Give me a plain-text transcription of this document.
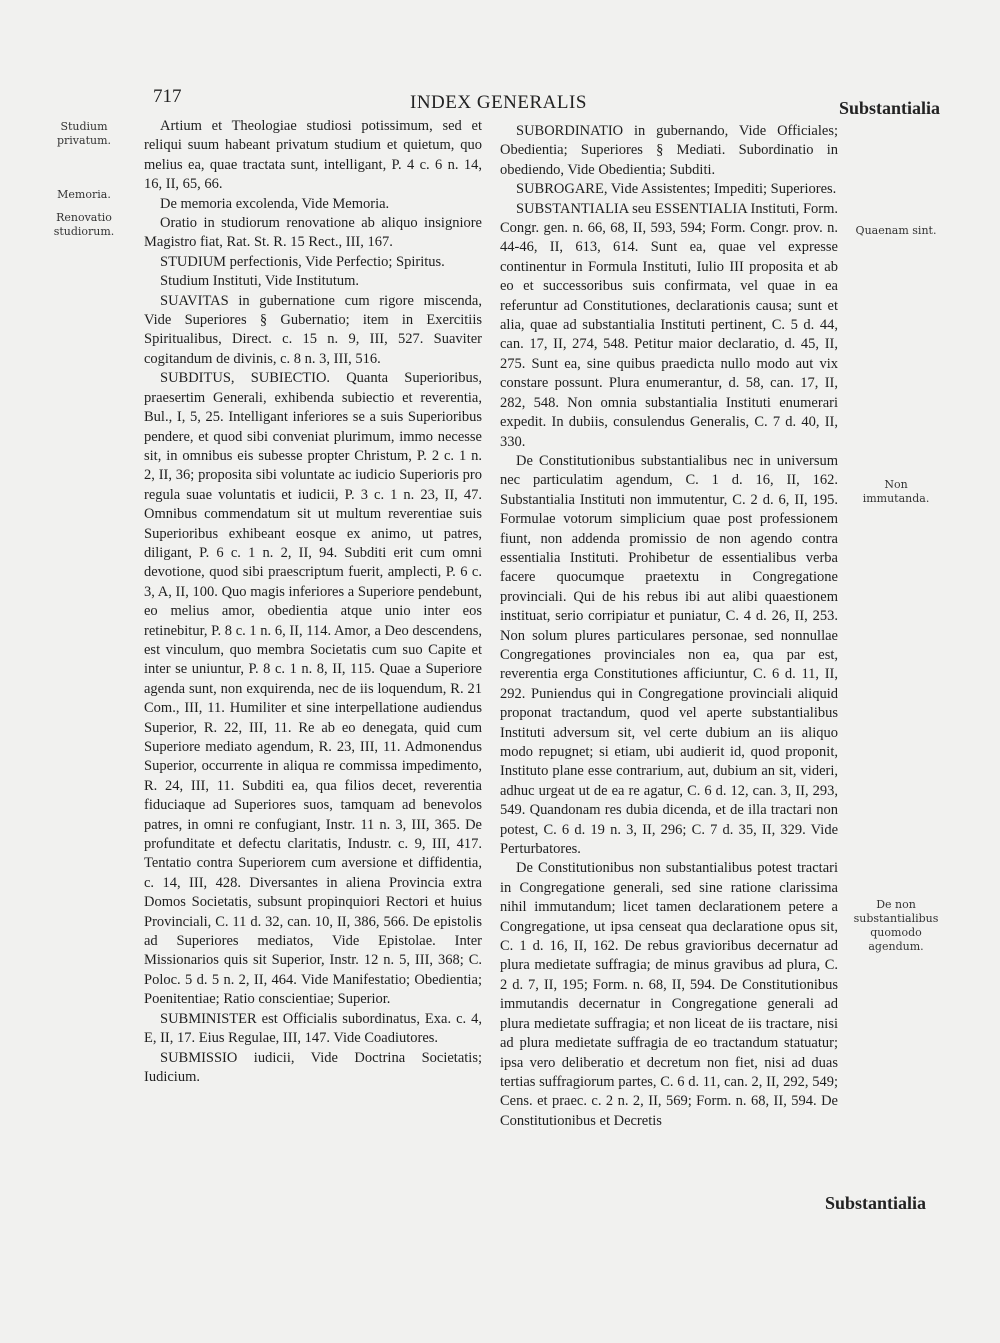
717	INDEX GENERALIS	Substantialia
Studium privatum.
Memoria.
Renovatio studiorum.	Quaenam sint.
Non immutanda.
De non substantialibus quomodo agendum.

Artium et Theologiae studiosi potissimum, sed et reliqui suum habeant privatum studium et quietum, quo melius ea, quae tractata sunt, intelligant, P. 4 c. 6 n. 14, 16, II, 65, 66.

De memoria excolenda, Vide Memoria.

Oratio in studiorum renovatione ab aliquo insigniore Magistro fiat, Rat. St. R. 15 Rect., III, 167.

STUDIUM perfectionis, Vide Perfectio; Spiritus.

Studium Instituti, Vide Institutum.

SUAVITAS in gubernatione cum rigore miscenda, Vide Superiores § Gubernatio; item in Exercitiis Spiritualibus, Direct. c. 15 n. 9, III, 527. Suaviter cogitandum de divinis, c. 8 n. 3, III, 516.

SUBDITUS, SUBIECTIO. Quanta Superioribus, praesertim Generali, exhibenda subiectio et reverentia, Bul., I, 5, 25. Intelligant inferiores se a suis Superioribus pendere, et quod sibi conveniat plurimum, immo necesse sit, in omnibus eis subesse propter Christum, P. 2 c. 1 n. 2, II, 36; proposita sibi voluntate ac iudicio Superioris pro regula suae voluntatis et iudicii, P. 3 c. 1 n. 23, II, 47. Omnibus commendatum sit ut multum reverentiae suis Superioribus exhibeant eosque ex animo, ut patres, diligant, P. 6 c. 1 n. 2, II, 94. Subditi erit cum omni devotione, quod sibi praescriptum fuerit, amplecti, P. 6 c. 3, A, II, 100. Quo magis inferiores a Superiore pendebunt, eo melius amor, obedientia atque unio inter eos retinebitur, P. 8 c. 1 n. 6, II, 114. Amor, a Deo descendens, est vinculum, quo membra Societatis cum suo Capite et inter se uniuntur, P. 8 c. 1 n. 8, II, 115. Quae a Superiore agenda sunt, non exquirenda, nec de iis loquendum, R. 21 Com., III, 11. Humiliter et sine interpellatione audiendus Superior, R. 22, III, 11. Re ab eo denegata, quid cum Superiore mediato agendum, R. 23, III, 11. Admonendus Superior, occurrente in aliqua re commissa impedimento, R. 24, III, 11. Subditi ea, qua filios decet, reverentia fiduciaque ad Superiores suos, tamquam ad benevolos patres, in omni re confugiant, Instr. 11 n. 3, III, 365. De profunditate et defectu claritatis, Industr. c. 9, III, 417. Tentatio contra Superiorem cum aversione et diffidentia, c. 14, III, 428. Diversantes in aliena Provincia extra Domos Societatis, subsunt propinquiori Rectori et huius Provinciali, C. 11 d. 32, can. 10, II, 386, 566. De epistolis ad Superiores mediatos, Vide Epistolae. Inter Missionarios quis sit Superior, Instr. 12 n. 5, III, 368; C. Poloc. 5 d. 5 n. 2, II, 464. Vide Manifestatio; Obedientia; Poenitentiae; Ratio conscientiae; Superior.

SUBMINISTER est Officialis subordinatus, Exa. c. 4, E, II, 17. Eius Regulae, III, 147. Vide Coadiutores.

SUBMISSIO iudicii, Vide Doctrina Societatis; Iudicium.

SUBORDINATIO in gubernando, Vide Officiales; Obedientia; Superiores § Mediati. Subordinatio in obediendo, Vide Obedientia; Subditi.

SUBROGARE, Vide Assistentes; Impediti; Superiores.

SUBSTANTIALIA seu ESSENTIALIA Instituti, Form. Congr. gen. n. 66, 68, II, 593, 594; Form. Congr. prov. n. 44-46, II, 613, 614. Sunt ea, quae vel expresse continentur in Formula Instituti, Iulio III proposita et ab eo et successoribus suis confirmata, vel quae in ea referuntur ad Constitutiones, declarationis causa; sunt et alia, quae ad substantialia Instituti pertinent, C. 5 d. 44, can. 17, II, 274, 548. Petitur maior declaratio, d. 45, II, 275. Sunt ea, sine quibus praedicta nullo modo aut vix constare possunt. Plura enumerantur, d. 58, can. 17, II, 282, 548. Non omnia substantialia Instituti enumerari expedit. In dubiis, consulendus Generalis, C. 7 d. 40, II, 330.

De Constitutionibus substantialibus nec in universum nec particulatim agendum, C. 1 d. 16, II, 162. Substantialia Instituti non immutentur, C. 2 d. 6, II, 195. Formulae votorum simplicium quae post professionem fiunt, non addenda promissio de non agendo contra essentialia Instituti. Prohibetur de essentialibus verba facere quocumque praetextu in Congregatione provinciali. Qui de his rebus ibi aut alibi quaestionem instituat, serio corripiatur et puniatur, C. 4 d. 26, II, 253. Non solum plures particulares personae, sed nonnullae Congregationes provinciales non ea, qua par est, reverentia erga Constitutiones afficiuntur, C. 6 d. 11, II, 292. Puniendus qui in Congregatione provinciali aliquid proponat tractandum, quod vel aperte substantialibus Instituti adversum sit, vel certe dubium an iis aliquo modo repugnet; si etiam, ubi audierit id, quod proponit, Instituto plane esse contrarium, aut, dubium an sit, videri, adhuc urgeat ut de ea re agatur, C. 6 d. 12, can. 3, II, 293, 549. Quandonam res dubia dicenda, et de illa tractari non potest, C. 6 d. 19 n. 3, II, 296; C. 7 d. 35, II, 329. Vide Perturbatores.

De Constitutionibus non substantialibus potest tractari in Congregatione generali, sed sine ratione clarissima nihil immutandum; licet tamen declarationem petere a Congregatione, ut ipsa censeat qua declaratione opus sit, C. 1 d. 16, II, 162. De rebus gravioribus decernatur ad plura medietate suffragia; de minus gravibus ad plura, C. 2 d. 7, II, 195; Form. n. 68, II, 594. De Constitutionibus immutandis decernatur in Congregatione generali ad plura medietate suffragia; et non liceat de iis tractare, nisi ad plura medietate suffragia de eo tractandum statuatur; ipsa vero deliberatio et decretum non fiet, nisi ad duas tertias suffragiorum partes, C. 6 d. 11, can. 2, II, 292, 549; Cens. et praec. c. 2 n. 2, II, 569; Form. n. 68, II, 594. De Constitutionibus et Decretis

Substantialia
